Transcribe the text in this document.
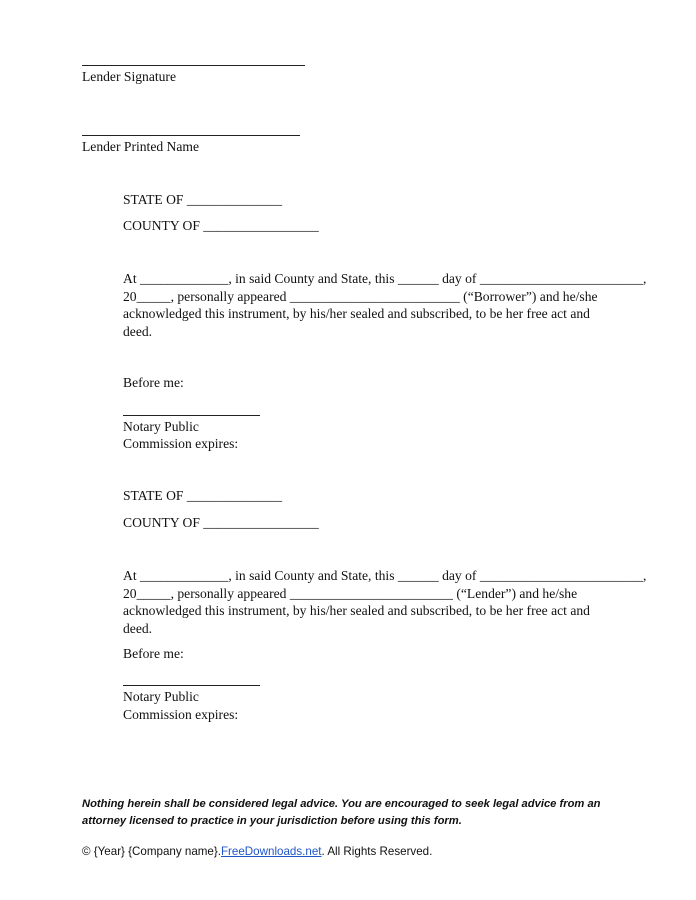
Lender Signature
Lender Printed Name
STATE OF ______________
COUNTY OF _________________
At _____________, in said County and State, this ______ day of ________________________,
20_____, personally appeared _________________________ (“Borrower”) and he/she
acknowledged this instrument, by his/her sealed and subscribed, to be her free act and deed.
Before me:
Notary Public
Commission expires:
STATE OF ______________
COUNTY OF _________________
At _____________, in said County and State, this ______ day of ________________________,
20_____, personally appeared ________________________ (“Lender”) and he/she
acknowledged this instrument, by his/her sealed and subscribed, to be her free act and deed.
Before me:
Notary Public
Commission expires:
Nothing herein shall be considered legal advice. You are encouraged to seek legal advice from an attorney licensed to practice in your jurisdiction before using this form.
© {Year} {Company name}.FreeDownloads.net. All Rights Reserved.
